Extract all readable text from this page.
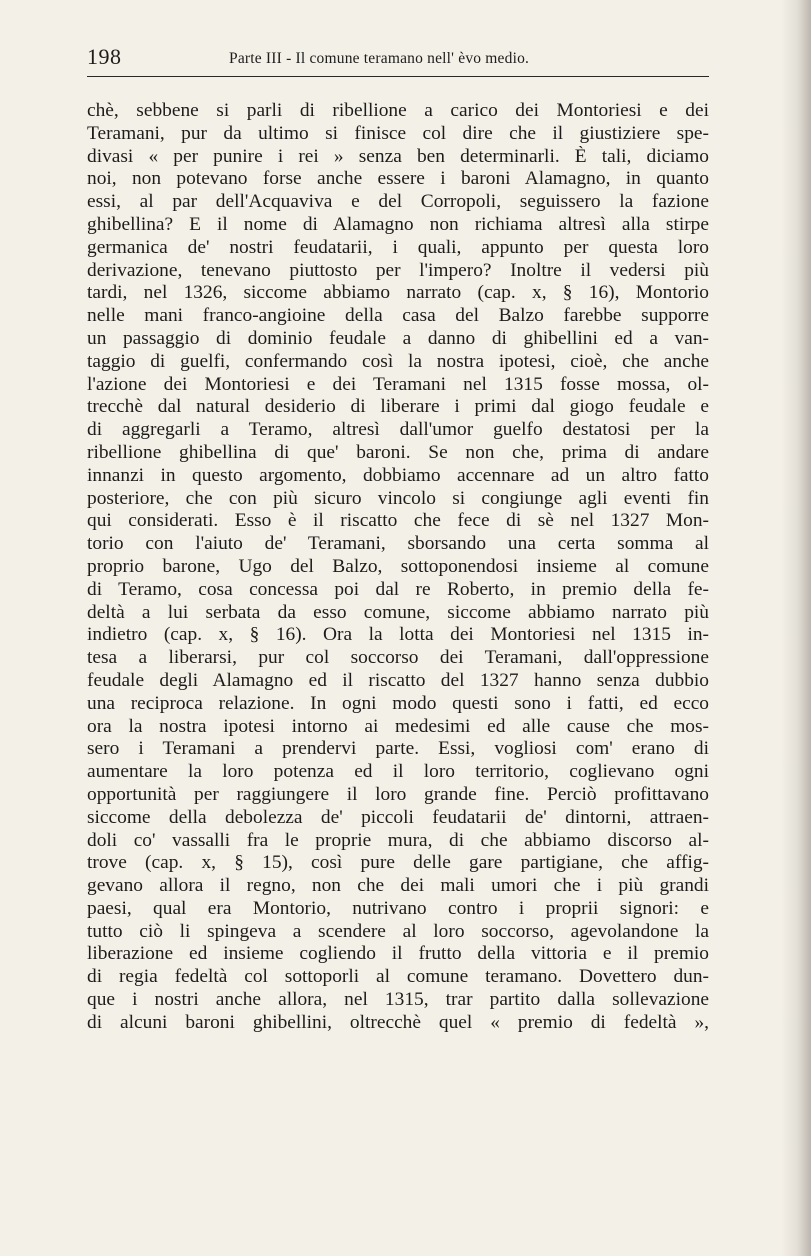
198	Parte III - Il comune teramano nell' èvo medio.
chè, sebbene si parli di ribellione a carico dei Montoriesi e dei
Teramani, pur da ultimo si finisce col dire che il giustiziere spe-
divasi « per punire i rei » senza ben determinarli. È tali, diciamo
noi, non potevano forse anche essere i baroni Alamagno, in quanto
essi, al par dell'Acquaviva e del Corropoli, seguissero la fazione
ghibellina? E il nome di Alamagno non richiama altresì alla stirpe
germanica de' nostri feudatarii, i quali, appunto per questa loro
derivazione, tenevano piuttosto per l'impero? Inoltre il vedersi più
tardi, nel 1326, siccome abbiamo narrato (cap. x, § 16), Montorio
nelle mani franco-angioine della casa del Balzo farebbe supporre
un passaggio di dominio feudale a danno di ghibellini ed a van-
taggio di guelfi, confermando così la nostra ipotesi, cioè, che anche
l'azione dei Montoriesi e dei Teramani nel 1315 fosse mossa, ol-
trecchè dal natural desiderio di liberare i primi dal giogo feudale e
di aggregarli a Teramo, altresì dall'umor guelfo destatosi per la
ribellione ghibellina di que' baroni. Se non che, prima di andare
innanzi in questo argomento, dobbiamo accennare ad un altro fatto
posteriore, che con più sicuro vincolo si congiunge agli eventi fin
qui considerati. Esso è il riscatto che fece di sè nel 1327 Mon-
torio con l'aiuto de' Teramani, sborsando una certa somma al
proprio barone, Ugo del Balzo, sottoponendosi insieme al comune
di Teramo, cosa concessa poi dal re Roberto, in premio della fe-
deltà a lui serbata da esso comune, siccome abbiamo narrato più
indietro (cap. x, § 16). Ora la lotta dei Montoriesi nel 1315 in-
tesa a liberarsi, pur col soccorso dei Teramani, dall'oppressione
feudale degli Alamagno ed il riscatto del 1327 hanno senza dubbio
una reciproca relazione. In ogni modo questi sono i fatti, ed ecco
ora la nostra ipotesi intorno ai medesimi ed alle cause che mos-
sero i Teramani a prendervi parte. Essi, vogliosi com' erano di
aumentare la loro potenza ed il loro territorio, coglievano ogni
opportunità per raggiungere il loro grande fine. Perciò profittavano
siccome della debolezza de' piccoli feudatarii de' dintorni, attraen-
doli co' vassalli fra le proprie mura, di che abbiamo discorso al-
trove (cap. x, § 15), così pure delle gare partigiane, che affig-
gevano allora il regno, non che dei mali umori che i più grandi
paesi, qual era Montorio, nutrivano contro i proprii signori: e
tutto ciò li spingeva a scendere al loro soccorso, agevolandone la
liberazione ed insieme cogliendo il frutto della vittoria e il premio
di regia fedeltà col sottoporli al comune teramano. Dovettero dun-
que i nostri anche allora, nel 1315, trar partito dalla sollevazione
di alcuni baroni ghibellini, oltrecchè quel « premio di fedeltà »,
